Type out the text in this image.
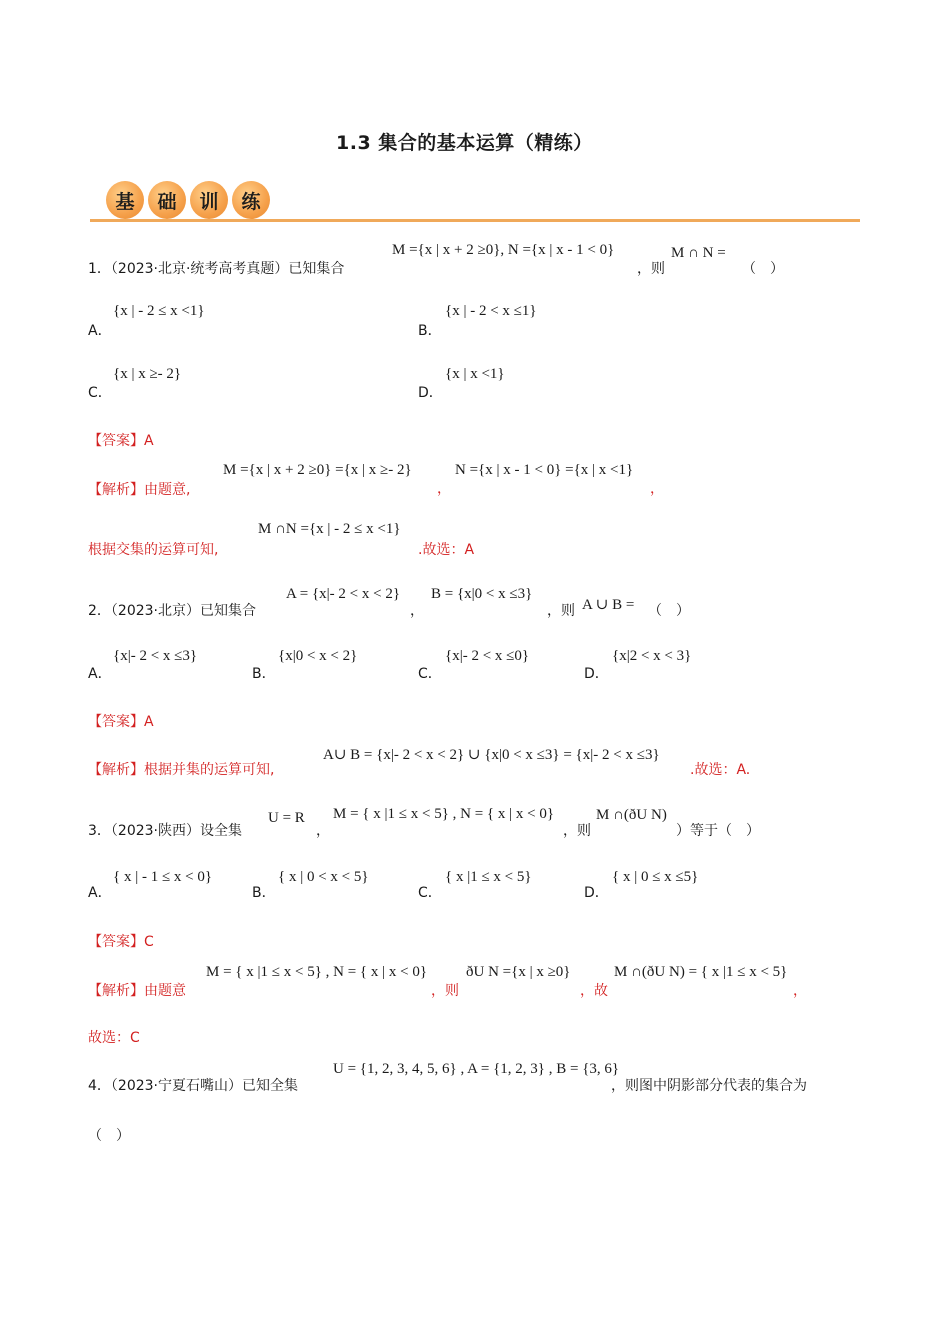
1.3 集合的基本运算（精练）
基	础	训	练
1．（2023·北京·统考高考真题）已知集合
M ={x | x + 2 ≥0}, N ={x | x - 1 < 0}
，则
M ∩ N =
（　）
A．
{x | - 2 ≤ x <1}
B．
{x | - 2 < x ≤1}
C．
{x | x ≥- 2}
D．
{x | x <1}
【答案】A
【解析】由题意,
M ={x | x + 2 ≥0} ={x | x ≥- 2}
，
N ={x | x - 1 < 0} ={x | x <1}
，
根据交集的运算可知,
M ∩N ={x | - 2 ≤ x <1}
.故选：A
2．（2023·北京）已知集合
A = {x|- 2 < x < 2}
，
B = {x|0 < x ≤3}
，则 A ∪ B = （　）
A．
{x|- 2 < x ≤3}
B．
{x|0 < x < 2}
C．
{x|- 2 < x ≤0}
D．
{x|2 < x < 3}
【答案】A
【解析】根据并集的运算可知,
A∪ B = {x|- 2 < x < 2} ∪ {x|0 < x ≤3} = {x|- 2 < x ≤3}
.故选：A.
3．（2023·陕西）设全集
U = R
，
M = { x |1 ≤ x < 5} , N = { x | x < 0}
，则
M ∩(ðU N)
）等于（　）
A．
{ x | - 1 ≤ x < 0}
B．
{ x | 0 < x < 5}
C．
{ x |1 ≤ x < 5}
D．
{ x | 0 ≤ x ≤5}
【答案】C
【解析】由题意
M = { x |1 ≤ x < 5} , N = { x | x < 0}
，则
ðU N ={x | x ≥0}
，故
M ∩(ðU N) = { x |1 ≤ x < 5}
，
故选：C
4．（2023·宁夏石嘴山）已知全集
U = {1, 2, 3, 4, 5, 6} , A = {1, 2, 3} , B = {3, 6}
，则图中阴影部分代表的集合为
（　）
